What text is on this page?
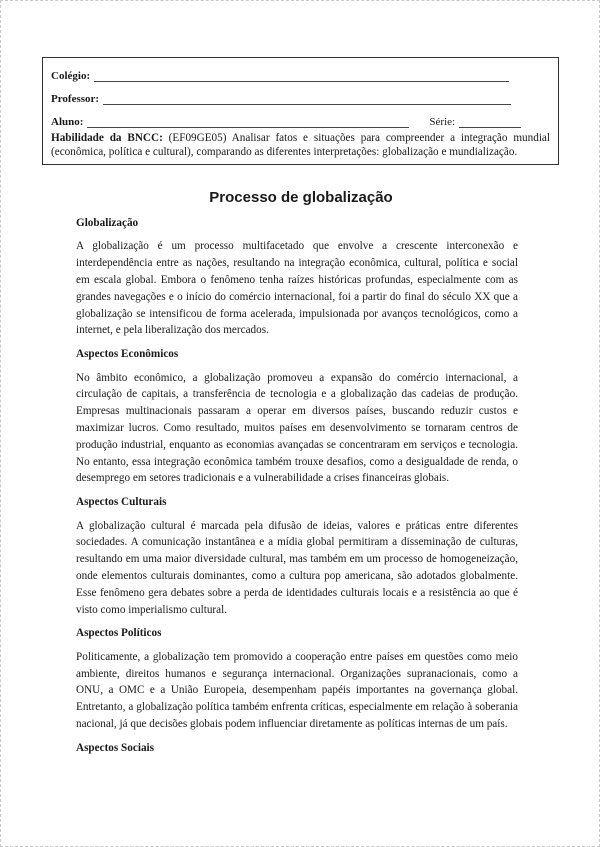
Colégio:
Professor:
Aluno:	Série:
Habilidade da BNCC: (EF09GE05) Analisar fatos e situações para compreender a integração mundial (econômica, política e cultural), comparando as diferentes interpretações: globalização e mundialização.
Processo de globalização
Globalização

A globalização é um processo multifacetado que envolve a crescente interconexão e interdependência entre as nações, resultando na integração econômica, cultural, política e social em escala global. Embora o fenômeno tenha raízes históricas profundas, especialmente com as grandes navegações e o início do comércio internacional, foi a partir do final do século XX que a globalização se intensificou de forma acelerada, impulsionada por avanços tecnológicos, como a internet, e pela liberalização dos mercados.

Aspectos Econômicos

No âmbito econômico, a globalização promoveu a expansão do comércio internacional, a circulação de capitais, a transferência de tecnologia e a globalização das cadeias de produção. Empresas multinacionais passaram a operar em diversos países, buscando reduzir custos e maximizar lucros. Como resultado, muitos países em desenvolvimento se tornaram centros de produção industrial, enquanto as economias avançadas se concentraram em serviços e tecnologia. No entanto, essa integração econômica também trouxe desafios, como a desigualdade de renda, o desemprego em setores tradicionais e a vulnerabilidade a crises financeiras globais.

Aspectos Culturais

A globalização cultural é marcada pela difusão de ideias, valores e práticas entre diferentes sociedades. A comunicação instantânea e a mídia global permitiram a disseminação de culturas, resultando em uma maior diversidade cultural, mas também em um processo de homogeneização, onde elementos culturais dominantes, como a cultura pop americana, são adotados globalmente. Esse fenômeno gera debates sobre a perda de identidades culturais locais e a resistência ao que é visto como imperialismo cultural.

Aspectos Políticos

Politicamente, a globalização tem promovido a cooperação entre países em questões como meio ambiente, direitos humanos e segurança internacional. Organizações supranacionais, como a ONU, a OMC e a União Europeia, desempenham papéis importantes na governança global. Entretanto, a globalização política também enfrenta críticas, especialmente em relação à soberania nacional, já que decisões globais podem influenciar diretamente as políticas internas de um país.

Aspectos Sociais
